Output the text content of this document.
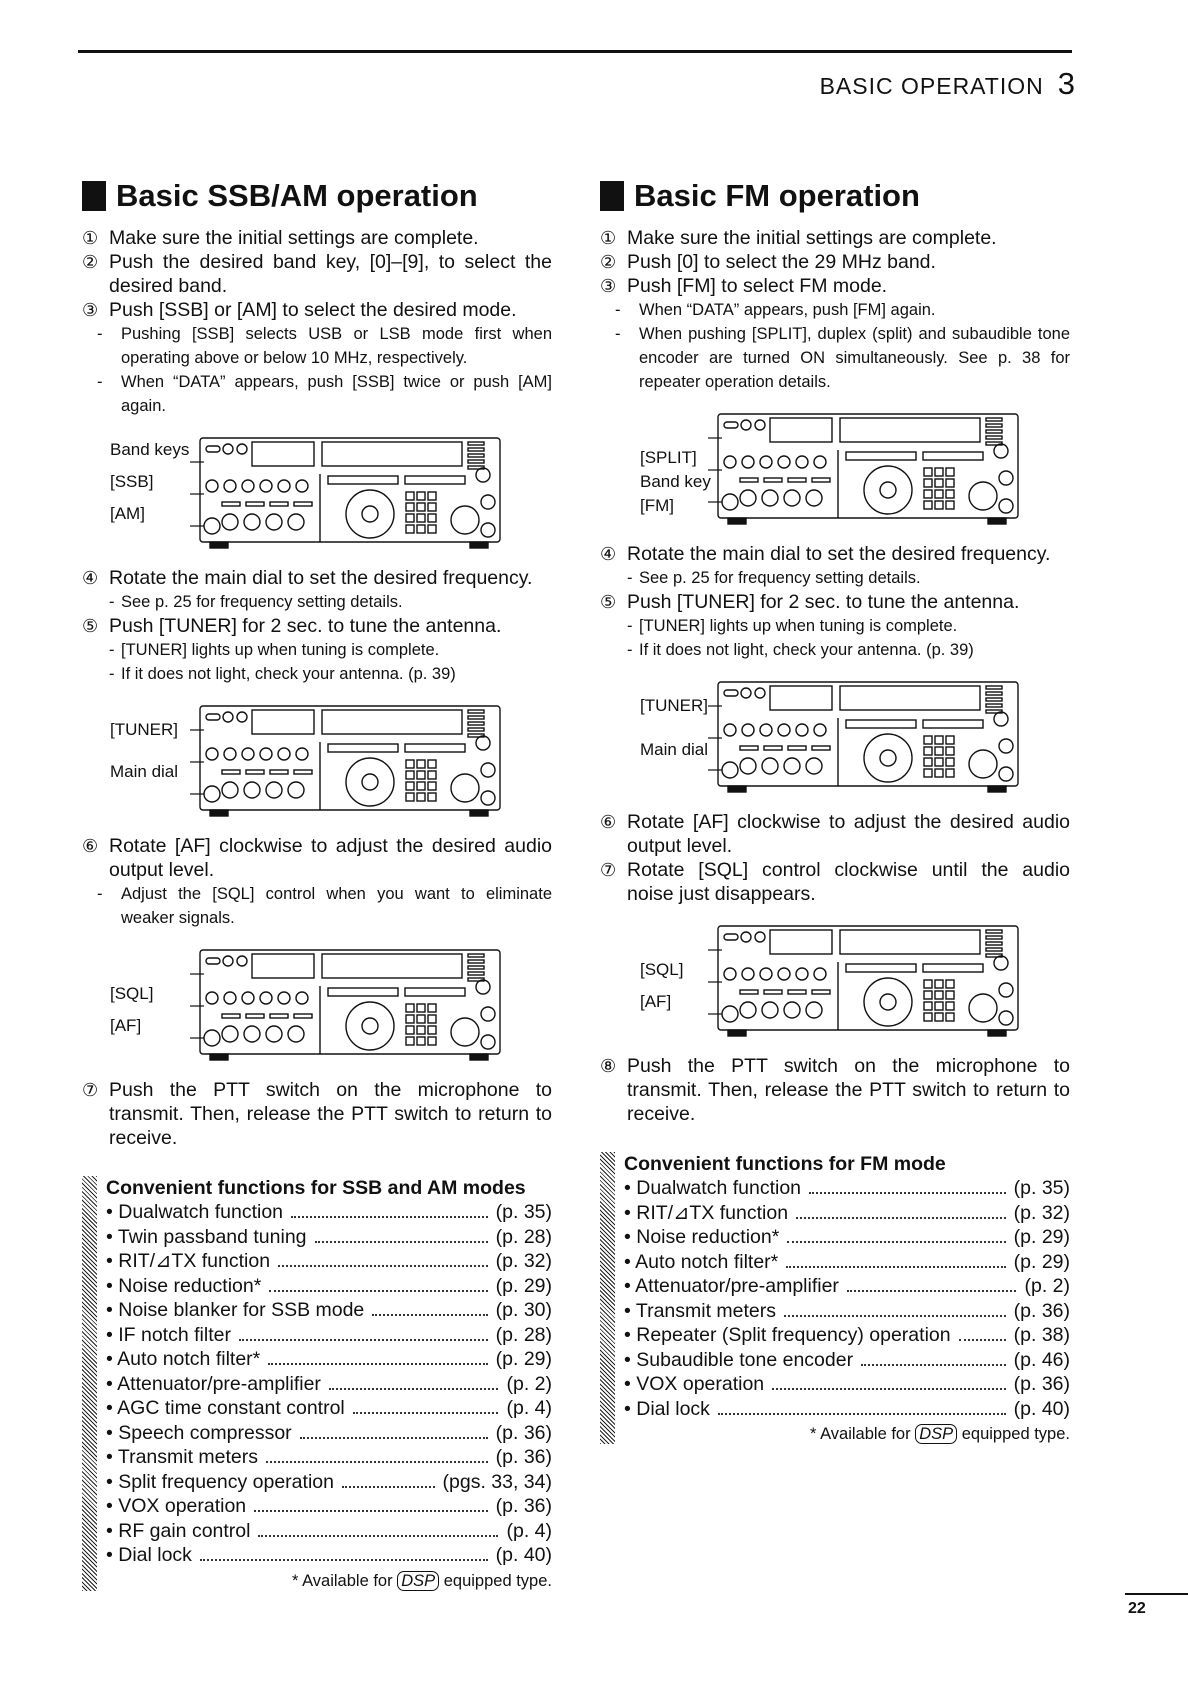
BASIC OPERATION 3
Basic SSB/AM operation
① Make sure the initial settings are complete.
② Push the desired band key, [0]–[9], to select the desired band.
③ Push [SSB] or [AM] to select the desired mode.
- Pushing [SSB] selects USB or LSB mode first when operating above or below 10 MHz, respectively.
- When “DATA” appears, push [SSB] twice or push [AM] again.
Band keys
[SSB]
[AM]
④ Rotate the main dial to set the desired frequency.
- See p. 25 for frequency setting details.
⑤ Push [TUNER] for 2 sec. to tune the antenna.
- [TUNER] lights up when tuning is complete.
- If it does not light, check your antenna. (p. 39)
[TUNER]
Main dial
⑥ Rotate [AF] clockwise to adjust the desired audio output level.
- Adjust the [SQL] control when you want to eliminate weaker signals.
[SQL]
[AF]
⑦ Push the PTT switch on the microphone to transmit. Then, release the PTT switch to return to receive.
Convenient functions for SSB and AM modes
• Dualwatch function	(p. 35)
• Twin passband tuning	(p. 28)
• RIT/⊿TX function	(p. 32)
• Noise reduction*	(p. 29)
• Noise blanker for SSB mode	(p. 30)
• IF notch filter	(p. 28)
• Auto notch filter*	(p. 29)
• Attenuator/pre-amplifier	(p. 2)
• AGC time constant control	(p. 4)
• Speech compressor	(p. 36)
• Transmit meters	(p. 36)
• Split frequency operation	(pgs. 33, 34)
• VOX operation	(p. 36)
• RF gain control	(p. 4)
• Dial lock	(p. 40)
* Available for DSP equipped type.
Basic FM operation
① Make sure the initial settings are complete.
② Push [0] to select the 29 MHz band.
③ Push [FM] to select FM mode.
- When “DATA” appears, push [FM] again.
- When pushing [SPLIT], duplex (split) and subaudible tone encoder are turned ON simultaneously. See p. 38 for repeater operation details.
[SPLIT]
Band key
[FM]
④ Rotate the main dial to set the desired frequency.
- See p. 25 for frequency setting details.
⑤ Push [TUNER] for 2 sec. to tune the antenna.
- [TUNER] lights up when tuning is complete.
- If it does not light, check your antenna. (p. 39)
[TUNER]
Main dial
⑥ Rotate [AF] clockwise to adjust the desired audio output level.
⑦ Rotate [SQL] control clockwise until the audio noise just disappears.
[SQL]
[AF]
⑧ Push the PTT switch on the microphone to transmit. Then, release the PTT switch to return to receive.
Convenient functions for FM mode
• Dualwatch function	(p. 35)
• RIT/⊿TX function	(p. 32)
• Noise reduction*	(p. 29)
• Auto notch filter*	(p. 29)
• Attenuator/pre-amplifier	(p. 2)
• Transmit meters	(p. 36)
• Repeater (Split frequency) operation	(p. 38)
• Subaudible tone encoder	(p. 46)
• VOX operation	(p. 36)
• Dial lock	(p. 40)
* Available for DSP equipped type.
22
